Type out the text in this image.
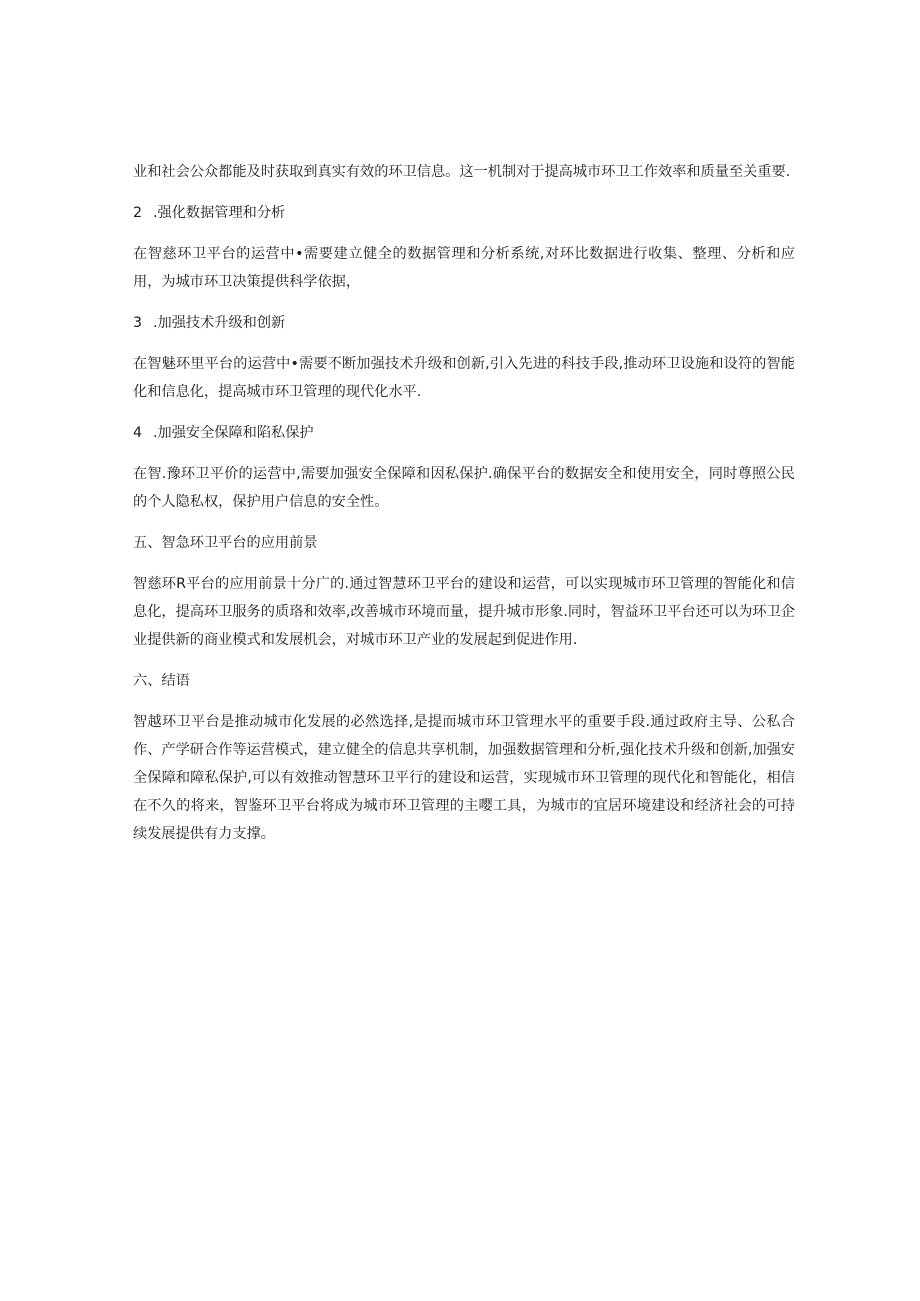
业和社会公众都能及时获取到真实有效的环卫信息。这一机制对于提高城市环卫工作效率和质量至关重要.

2 .强化数据管理和分析

在智慈环卫平台的运营中•需要建立健全的数据管理和分析系统,对环比数据进行收集、整理、分析和应用，为城市环卫决策提供科学依据，

3 .加强技术升级和创新

在智魅环里平台的运营中•需要不断加强技术升级和创新,引入先进的科技手段,推动环卫设施和设符的智能化和信息化，提高城市环卫管理的现代化水平.

4 .加强安全保障和陷私保护

在智.豫环卫平价的运营中,需要加强安全保障和因私保护.确保平台的数据安全和使用安全，同时尊照公民的个人隐私权，保护用户信息的安全性。

五、智急环卫平台的应用前景

智慈环R平台的应用前景十分广的.通过智慧环卫平台的建设和运营，可以实现城市环卫管理的智能化和信息化，提高环卫服务的质珞和效率,改善城市环境而量，提升城市形象.同时，智益环卫平台还可以为环卫企业提供新的商业模式和发展机会，对城市环卫产业的发展起到促进作用.

六、结语

智越环卫平台是推动城市化发展的必然选择,是提而城市环卫管理水平的重要手段.通过政府主导、公私合作、产学研合作等运营模式，建立健全的信息共享机制，加强数据管理和分析,强化技术升级和创新,加强安全保障和障私保护,可以有效推动智慧环卫平行的建设和运营，实现城市环卫管理的现代化和智能化，相信在不久的将来，智鉴环卫平台将成为城市环卫管理的主嘤工具，为城市的宜居环境建设和经济社会的可持续发展提供有力支撑。
